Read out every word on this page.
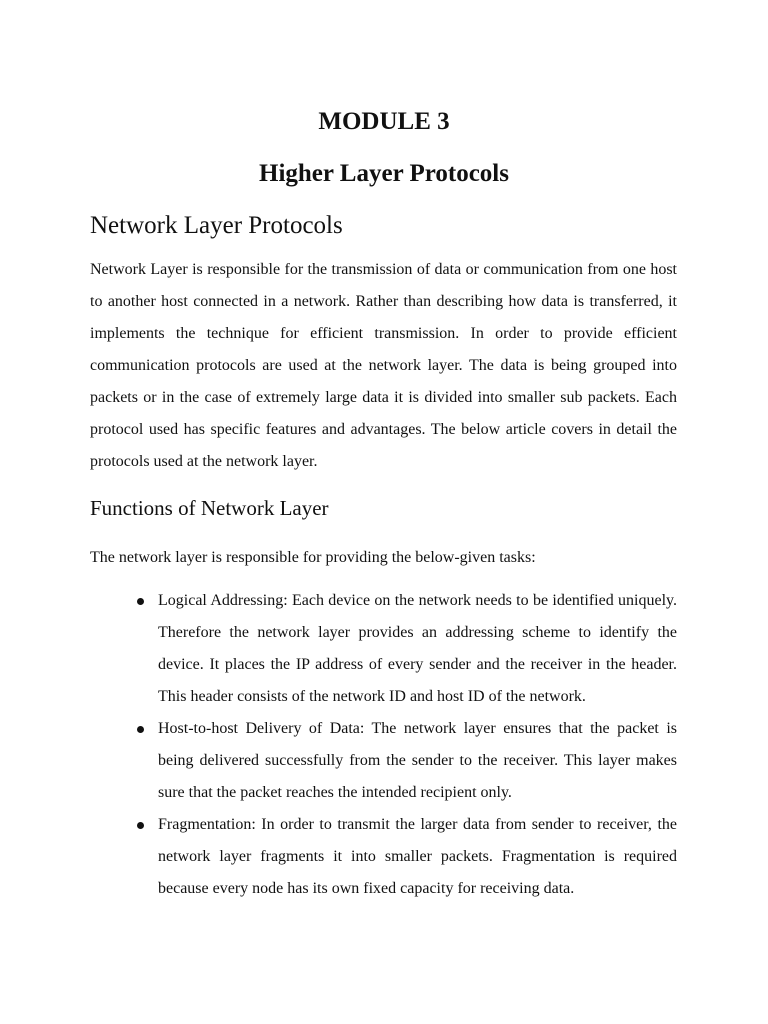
MODULE 3
Higher Layer Protocols
Network Layer Protocols

Network Layer is responsible for the transmission of data or communication from one host to another host connected in a network. Rather than describing how data is transferred, it implements the technique for efficient transmission. In order to provide efficient communication protocols are used at the network layer. The data is being grouped into packets or in the case of extremely large data it is divided into smaller sub packets. Each protocol used has specific features and advantages. The below article covers in detail the protocols used at the network layer.

Functions of Network Layer

The network layer is responsible for providing the below-given tasks:

Logical Addressing: Each device on the network needs to be identified uniquely. Therefore the network layer provides an addressing scheme to identify the device. It places the IP address of every sender and the receiver in the header. This header consists of the network ID and host ID of the network.
Host-to-host Delivery of Data: The network layer ensures that the packet is being delivered successfully from the sender to the receiver. This layer makes sure that the packet reaches the intended recipient only.
Fragmentation: In order to transmit the larger data from sender to receiver, the network layer fragments it into smaller packets. Fragmentation is required because every node has its own fixed capacity for receiving data.
